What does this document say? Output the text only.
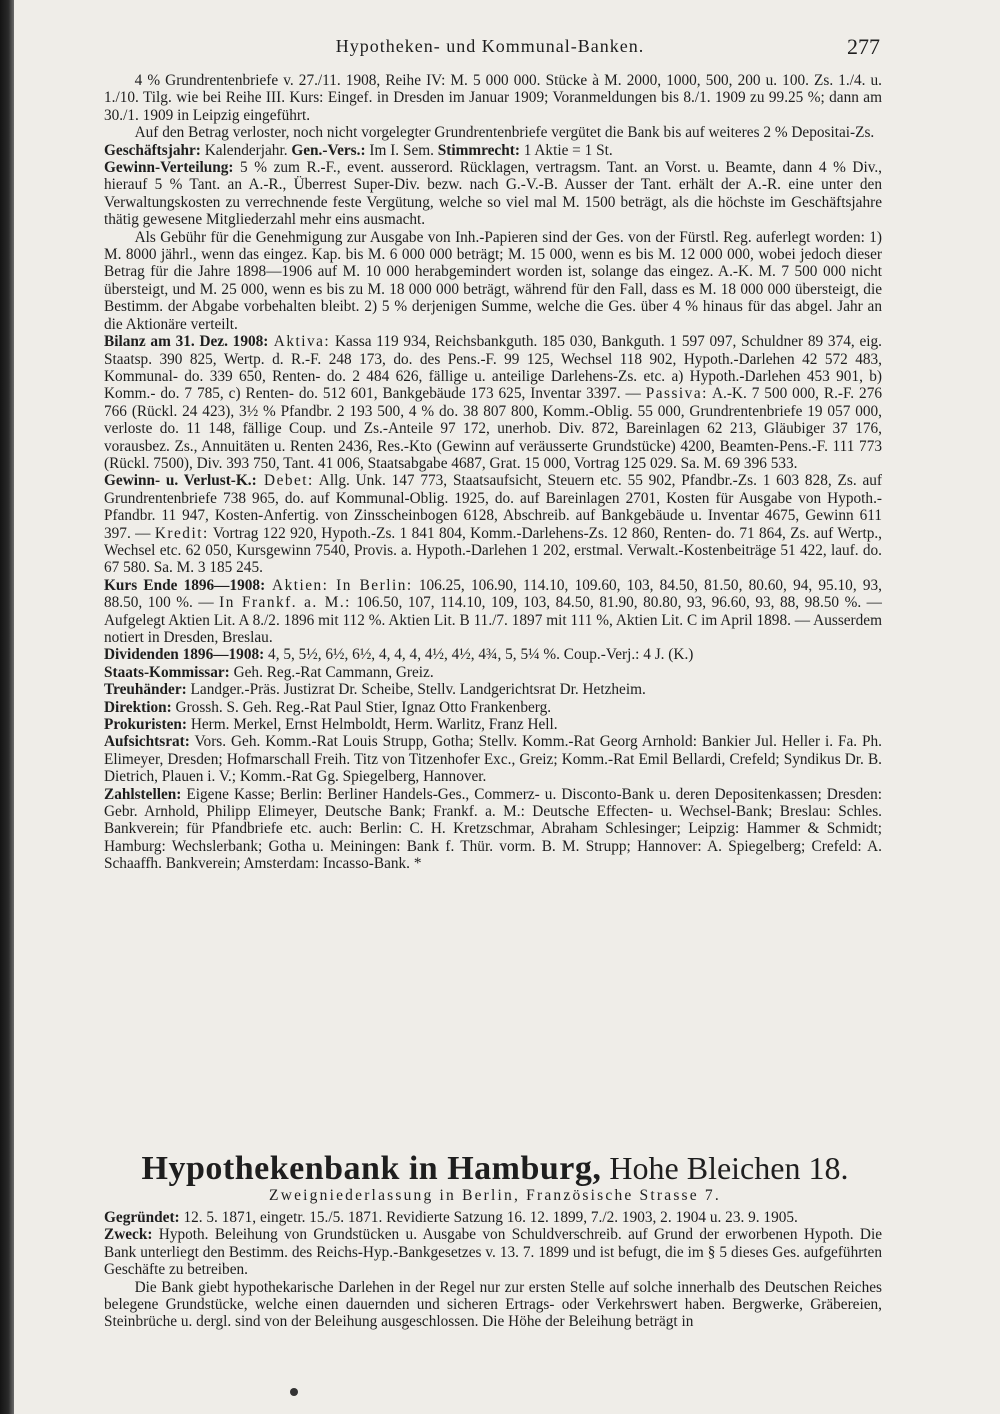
Hypotheken- und Kommunal-Banken.	277

4 % Grundrentenbriefe v. 27./11. 1908, Reihe IV: M. 5 000 000. Stücke à M. 2000, 1000, 500, 200 u. 100. Zs. 1./4. u. 1./10. Tilg. wie bei Reihe III. Kurs: Eingef. in Dresden im Januar 1909; Voranmeldungen bis 8./1. 1909 zu 99.25 %; dann am 30./1. 1909 in Leipzig eingeführt.

Auf den Betrag verloster, noch nicht vorgelegter Grundrentenbriefe vergütet die Bank bis auf weiteres 2 % Depositai-Zs.

Geschäftsjahr: Kalenderjahr. Gen.-Vers.: Im I. Sem. Stimmrecht: 1 Aktie = 1 St.

Gewinn-Verteilung: 5 % zum R.-F., event. ausserord. Rücklagen, vertragsm. Tant. an Vorst. u. Beamte, dann 4 % Div., hierauf 5 % Tant. an A.-R., Überrest Super-Div. bezw. nach G.-V.-B. Ausser der Tant. erhält der A.-R. eine unter den Verwaltungskosten zu verrechnende feste Vergütung, welche so viel mal M. 1500 beträgt, als die höchste im Geschäftsjahre thätig gewesene Mitgliederzahl mehr eins ausmacht.

Als Gebühr für die Genehmigung zur Ausgabe von Inh.-Papieren sind der Ges. von der Fürstl. Reg. auferlegt worden: 1) M. 8000 jährl., wenn das eingez. Kap. bis M. 6 000 000 beträgt; M. 15 000, wenn es bis M. 12 000 000, wobei jedoch dieser Betrag für die Jahre 1898—1906 auf M. 10 000 herabgemindert worden ist, solange das eingez. A.-K. M. 7 500 000 nicht übersteigt, und M. 25 000, wenn es bis zu M. 18 000 000 beträgt, während für den Fall, dass es M. 18 000 000 übersteigt, die Bestimm. der Abgabe vorbehalten bleibt. 2) 5 % derjenigen Summe, welche die Ges. über 4 % hinaus für das abgel. Jahr an die Aktionäre verteilt.

Bilanz am 31. Dez. 1908: Aktiva: Kassa 119 934, Reichsbankguth. 185 030, Bankguth. 1 597 097, Schuldner 89 374, eig. Staatsp. 390 825, Wertp. d. R.-F. 248 173, do. des Pens.-F. 99 125, Wechsel 118 902, Hypoth.-Darlehen 42 572 483, Kommunal- do. 339 650, Renten- do. 2 484 626, fällige u. anteilige Darlehens-Zs. etc. a) Hypoth.-Darlehen 453 901, b) Komm.- do. 7 785, c) Renten- do. 512 601, Bankgebäude 173 625, Inventar 3397. — Passiva: A.-K. 7 500 000, R.-F. 276 766 (Rückl. 24 423), 3½ % Pfandbr. 2 193 500, 4 % do. 38 807 800, Komm.-Oblig. 55 000, Grundrentenbriefe 19 057 000, verloste do. 11 148, fällige Coup. und Zs.-Anteile 97 172, unerhob. Div. 872, Bareinlagen 62 213, Gläubiger 37 176, vorausbez. Zs., Annuitäten u. Renten 2436, Res.-Kto (Gewinn auf veräusserte Grundstücke) 4200, Beamten-Pens.-F. 111 773 (Rückl. 7500), Div. 393 750, Tant. 41 006, Staatsabgabe 4687, Grat. 15 000, Vortrag 125 029. Sa. M. 69 396 533.

Gewinn- u. Verlust-K.: Debet: Allg. Unk. 147 773, Staatsaufsicht, Steuern etc. 55 902, Pfandbr.-Zs. 1 603 828, Zs. auf Grundrentenbriefe 738 965, do. auf Kommunal-Oblig. 1925, do. auf Bareinlagen 2701, Kosten für Ausgabe von Hypoth.-Pfandbr. 11 947, Kosten-Anfertig. von Zinsscheinbogen 6128, Abschreib. auf Bankgebäude u. Inventar 4675, Gewinn 611 397. — Kredit: Vortrag 122 920, Hypoth.-Zs. 1 841 804, Komm.-Darlehens-Zs. 12 860, Renten- do. 71 864, Zs. auf Wertp., Wechsel etc. 62 050, Kursgewinn 7540, Provis. a. Hypoth.-Darlehen 1 202, erstmal. Verwalt.-Kostenbeiträge 51 422, lauf. do. 67 580. Sa. M. 3 185 245.

Kurs Ende 1896—1908: Aktien: In Berlin: 106.25, 106.90, 114.10, 109.60, 103, 84.50, 81.50, 80.60, 94, 95.10, 93, 88.50, 100 %. — In Frankf. a. M.: 106.50, 107, 114.10, 109, 103, 84.50, 81.90, 80.80, 93, 96.60, 93, 88, 98.50 %. — Aufgelegt Aktien Lit. A 8./2. 1896 mit 112 %. Aktien Lit. B 11./7. 1897 mit 111 %, Aktien Lit. C im April 1898. — Ausserdem notiert in Dresden, Breslau.

Dividenden 1896—1908: 4, 5, 5½, 6½, 6½, 4, 4, 4, 4½, 4½, 4¾, 5, 5¼ %. Coup.-Verj.: 4 J. (K.)

Staats-Kommissar: Geh. Reg.-Rat Cammann, Greiz.

Treuhänder: Landger.-Präs. Justizrat Dr. Scheibe, Stellv. Landgerichtsrat Dr. Hetzheim.

Direktion: Grossh. S. Geh. Reg.-Rat Paul Stier, Ignaz Otto Frankenberg.

Prokuristen: Herm. Merkel, Ernst Helmboldt, Herm. Warlitz, Franz Hell.

Aufsichtsrat: Vors. Geh. Komm.-Rat Louis Strupp, Gotha; Stellv. Komm.-Rat Georg Arnhold: Bankier Jul. Heller i. Fa. Ph. Elimeyer, Dresden; Hofmarschall Freih. Titz von Titzenhofer Exc., Greiz; Komm.-Rat Emil Bellardi, Crefeld; Syndikus Dr. B. Dietrich, Plauen i. V.; Komm.-Rat Gg. Spiegelberg, Hannover.

Zahlstellen: Eigene Kasse; Berlin: Berliner Handels-Ges., Commerz- u. Disconto-Bank u. deren Depositenkassen; Dresden: Gebr. Arnhold, Philipp Elimeyer, Deutsche Bank; Frankf. a. M.: Deutsche Effecten- u. Wechsel-Bank; Breslau: Schles. Bankverein; für Pfandbriefe etc. auch: Berlin: C. H. Kretzschmar, Abraham Schlesinger; Leipzig: Hammer & Schmidt; Hamburg: Wechslerbank; Gotha u. Meiningen: Bank f. Thür. vorm. B. M. Strupp; Hannover: A. Spiegelberg; Crefeld: A. Schaaffh. Bankverein; Amsterdam: Incasso-Bank. *

Hypothekenbank in Hamburg, Hohe Bleichen 18.
Zweigniederlassung in Berlin, Französische Strasse 7.

Gegründet: 12. 5. 1871, eingetr. 15./5. 1871. Revidierte Satzung 16. 12. 1899, 7./2. 1903, 2. 1904 u. 23. 9. 1905.

Zweck: Hypoth. Beleihung von Grundstücken u. Ausgabe von Schuldverschreib. auf Grund der erworbenen Hypoth. Die Bank unterliegt den Bestimm. des Reichs-Hyp.-Bankgesetzes v. 13. 7. 1899 und ist befugt, die im § 5 dieses Ges. aufgeführten Geschäfte zu betreiben.

Die Bank giebt hypothekarische Darlehen in der Regel nur zur ersten Stelle auf solche innerhalb des Deutschen Reiches belegene Grundstücke, welche einen dauernden und sicheren Ertrags- oder Verkehrswert haben. Bergwerke, Gräbereien, Steinbrüche u. dergl. sind von der Beleihung ausgeschlossen. Die Höhe der Beleihung beträgt in
